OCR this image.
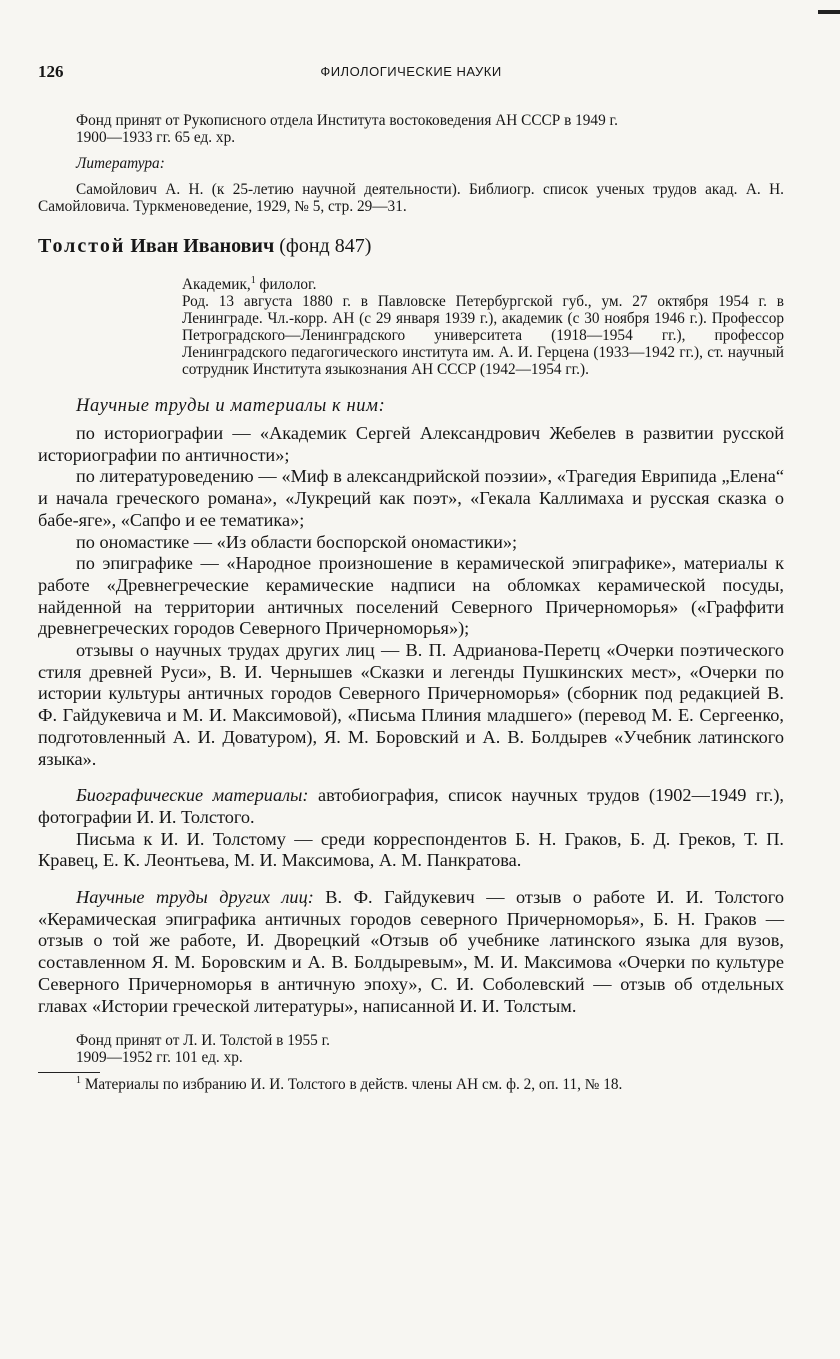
126	ФИЛОЛОГИЧЕСКИЕ НАУКИ

Фонд принят от Рукописного отдела Института востоковедения АН СССР в 1949 г.

1900—1933 гг. 65 ед. хр.

Литература:

Самойлович А. Н. (к 25-летию научной деятельности). Библиогр. список ученых трудов акад. А. Н. Самойловича. Туркменоведение, 1929, № 5, стр. 29—31.

Толстой Иван Иванович (фонд 847)

Академик,$^1$ филолог.

Род. 13 августа 1880 г. в Павловске Петербургской губ., ум. 27 октября 1954 г. в Ленинграде. Чл.-корр. АН (с 29 января 1939 г.), академик (с 30 ноября 1946 г.). Профессор Петроградского—Ленинградского университета (1918—1954 гг.), профессор Ленинградского педагогического института им. А. И. Герцена (1933—1942 гг.), ст. научный сотрудник Института языкознания АН СССР (1942—1954 гг.).

Научные труды и материалы к ним:

по историографии — «Академик Сергей Александрович Жебелев в развитии русской историографии по античности»;

по литературоведению — «Миф в александрийской поэзии», «Трагедия Еврипида „Елена“ и начала греческого романа», «Лукреций как поэт», «Гекала Каллимаха и русская сказка о бабе-яге», «Сапфо и ее тематика»;

по ономастике — «Из области боспорской ономастики»;

по эпиграфике — «Народное произношение в керамической эпиграфике», материалы к работе «Древнегреческие керамические надписи на обломках керамической посуды, найденной на территории античных поселений Северного Причерноморья» («Граффити древнегреческих городов Северного Причерноморья»);

отзывы о научных трудах других лиц — В. П. Адрианова-Перетц «Очерки поэтического стиля древней Руси», В. И. Чернышев «Сказки и легенды Пушкинских мест», «Очерки по истории культуры античных городов Северного Причерноморья» (сборник под редакцией В. Ф. Гайдукевича и М. И. Максимовой), «Письма Плиния младшего» (перевод М. Е. Сергеенко, подготовленный А. И. Доватуром), Я. М. Боровский и А. В. Болдырев «Учебник латинского языка».

Биографические материалы: автобиография, список научных трудов (1902—1949 гг.), фотографии И. И. Толстого.

Письма к И. И. Толстому — среди корреспондентов Б. Н. Граков, Б. Д. Греков, Т. П. Кравец, Е. К. Леонтьева, М. И. Максимова, А. М. Панкратова.

Научные труды других лиц: В. Ф. Гайдукевич — отзыв о работе И. И. Толстого «Керамическая эпиграфика античных городов северного Причерноморья», Б. Н. Граков — отзыв о той же работе, И. Дворецкий «Отзыв об учебнике латинского языка для вузов, составленном Я. М. Боровским и А. В. Болдыревым», М. И. Максимова «Очерки по культуре Северного Причерноморья в античную эпоху», С. И. Соболевский — отзыв об отдельных главах «Истории греческой литературы», написанной И. И. Толстым.

Фонд принят от Л. И. Толстой в 1955 г.

1909—1952 гг. 101 ед. хр.

$^1$ Материалы по избранию И. И. Толстого в действ. члены АН см. ф. 2, оп. 11, № 18.
